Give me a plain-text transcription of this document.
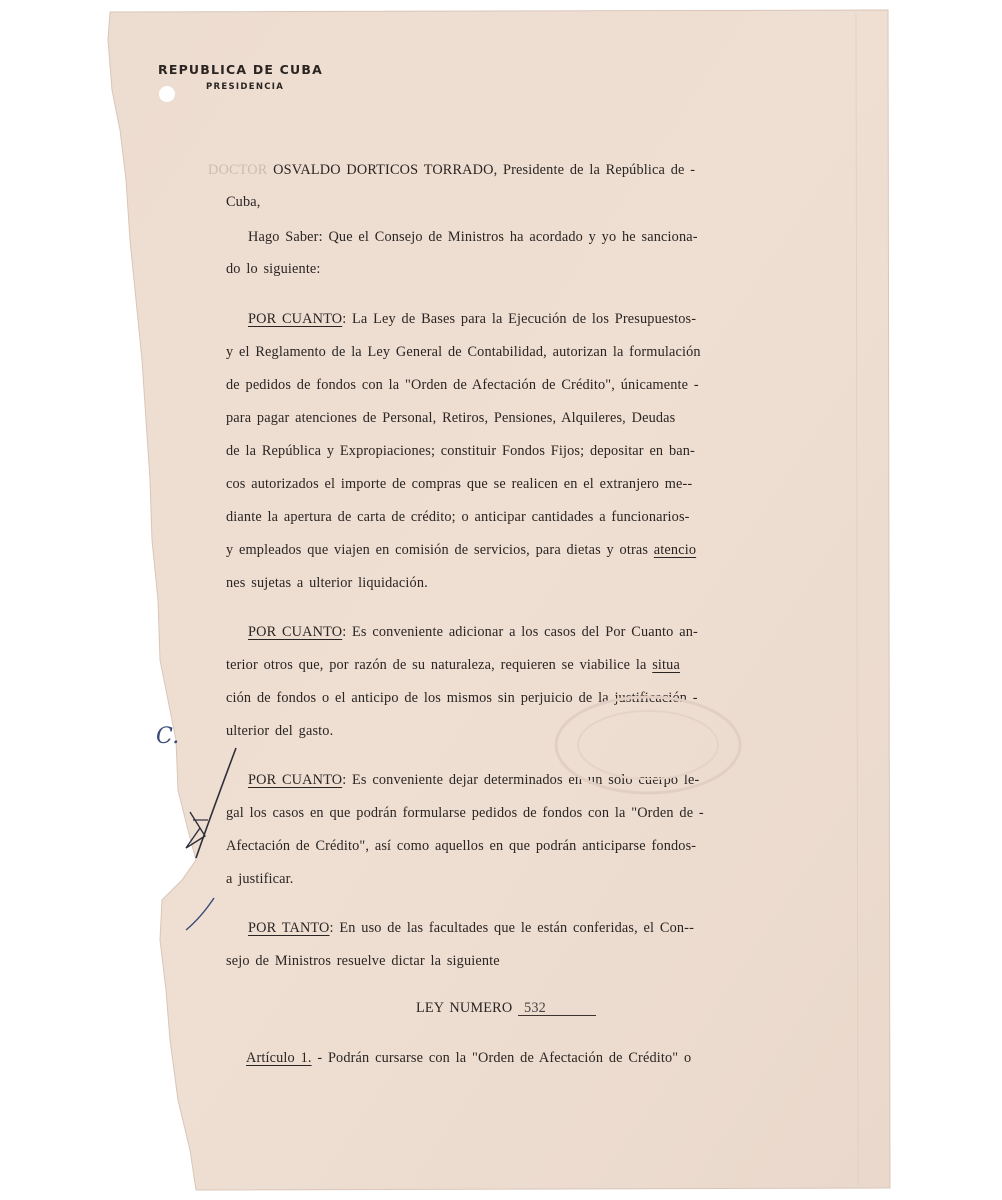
REPUBLICA DE CUBA
PRESIDENCIA
DOCTOR OSVALDO DORTICOS TORRADO, Presidente de la República de -
Cuba,
Hago Saber: Que el Consejo de Ministros ha acordado y yo he sanciona-
do lo siguiente:
POR CUANTO: La Ley de Bases para la Ejecución de los Presupuestos-
y el Reglamento de la Ley General de Contabilidad, autorizan la formulación
de pedidos de fondos con la "Orden de Afectación de Crédito", únicamente -
para pagar atenciones de Personal, Retiros, Pensiones, Alquileres, Deudas
de la República y Expropiaciones; constituir Fondos Fijos; depositar en ban-
cos autorizados el importe de compras que se realicen en el extranjero me--
diante la apertura de carta de crédito; o anticipar cantidades a funcionarios-
y empleados que viajen en comisión de servicios, para dietas y otras atencio
nes sujetas a ulterior liquidación.
POR CUANTO: Es conveniente adicionar a los casos del Por Cuanto an-
terior otros que, por razón de su naturaleza, requieren se viabilice la situa
ción de fondos o el anticipo de los mismos sin perjuicio de la justificación -
ulterior del gasto.
POR CUANTO: Es conveniente dejar determinados en un solo cuerpo le-
gal los casos en que podrán formularse pedidos de fondos con la "Orden de -
Afectación de Crédito", así como aquellos en que podrán anticiparse fondos-
a justificar.
POR TANTO: En uso de las facultades que le están conferidas, el Con--
sejo de Ministros resuelve dictar la siguiente
LEY NUMERO 532
Artículo 1. - Podrán cursarse con la "Orden de Afectación de Crédito" o
C.
